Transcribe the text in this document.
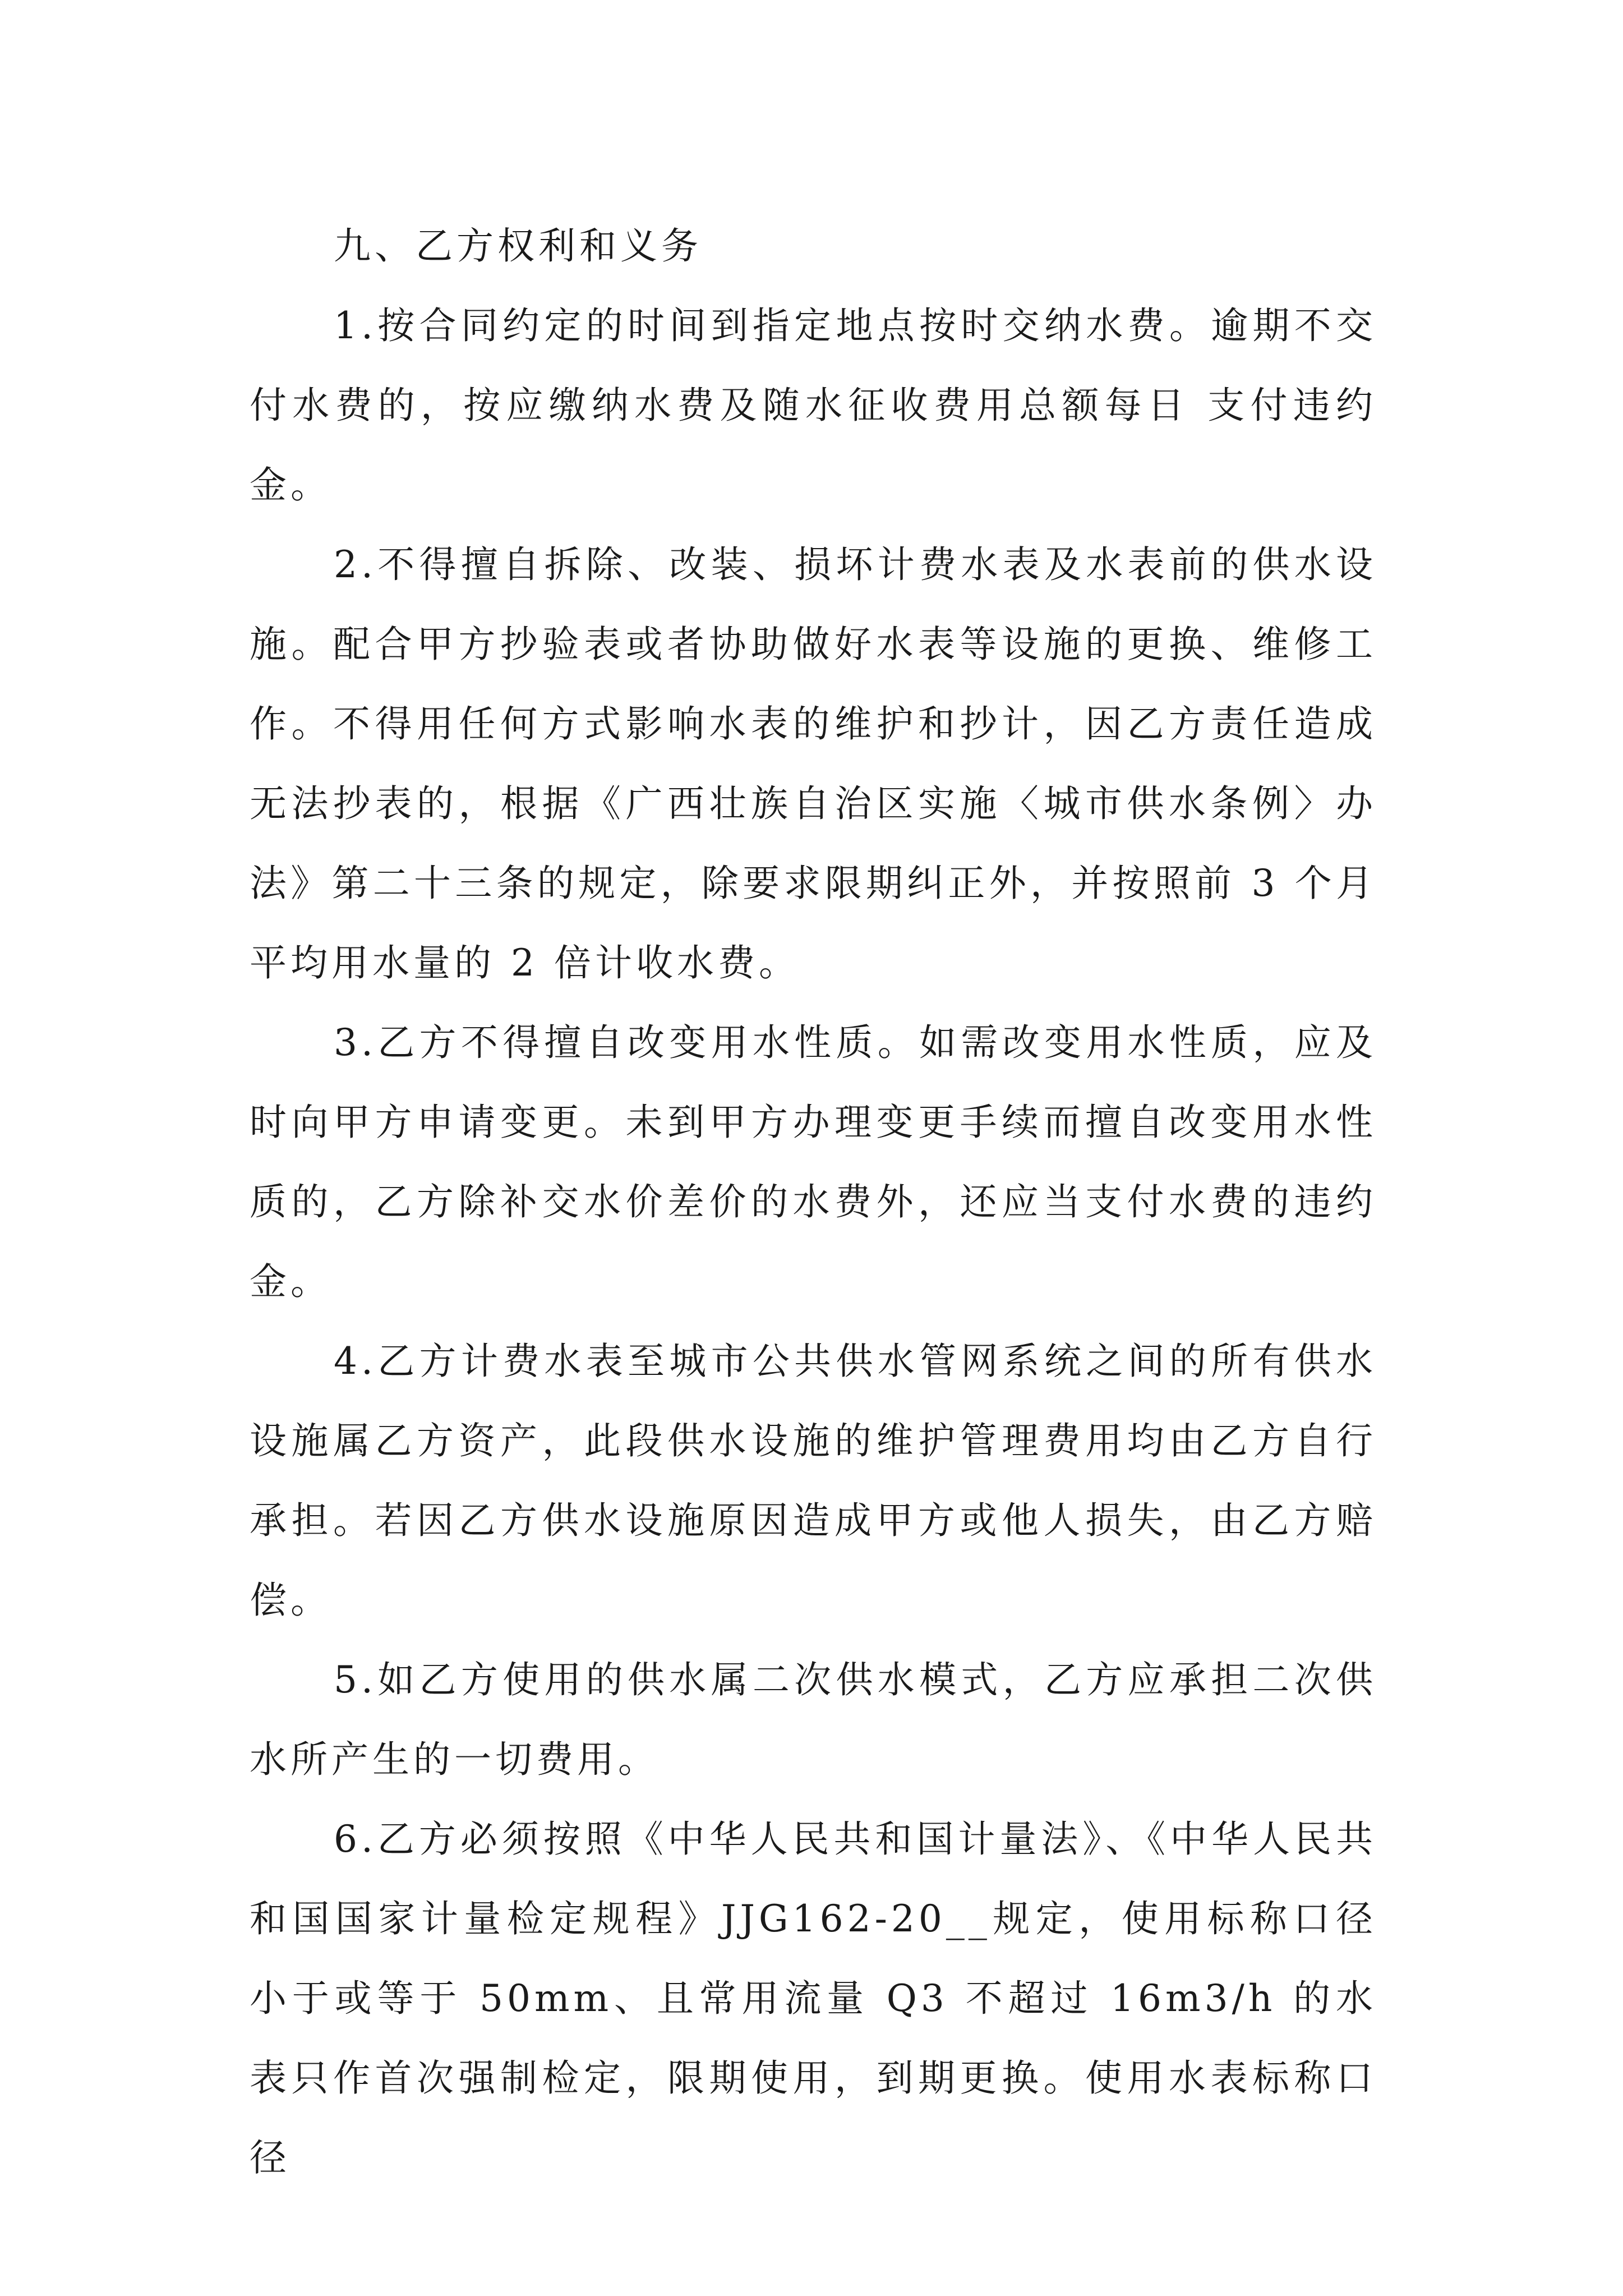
九、乙方权利和义务

1.按合同约定的时间到指定地点按时交纳水费。逾期不交付水费的，按应缴纳水费及随水征收费用总额每日 支付违约金。

2.不得擅自拆除、改装、损坏计费水表及水表前的供水设施。配合甲方抄验表或者协助做好水表等设施的更换、维修工作。不得用任何方式影响水表的维护和抄计，因乙方责任造成无法抄表的，根据《广西壮族自治区实施〈城市供水条例〉办法》第二十三条的规定，除要求限期纠正外，并按照前 3 个月平均用水量的 2 倍计收水费。

3.乙方不得擅自改变用水性质。如需改变用水性质，应及时向甲方申请变更。未到甲方办理变更手续而擅自改变用水性质的，乙方除补交水价差价的水费外，还应当支付水费的违约金。

4.乙方计费水表至城市公共供水管网系统之间的所有供水设施属乙方资产，此段供水设施的维护管理费用均由乙方自行承担。若因乙方供水设施原因造成甲方或他人损失，由乙方赔偿。

5.如乙方使用的供水属二次供水模式，乙方应承担二次供水所产生的一切费用。

6.乙方必须按照《中华人民共和国计量法》、《中华人民共和国国家计量检定规程》JJG162-20__规定，使用标称口径小于或等于 50mm、且常用流量 Q3 不超过 16m3/h 的水表只作首次强制检定，限期使用，到期更换。使用水表标称口径
